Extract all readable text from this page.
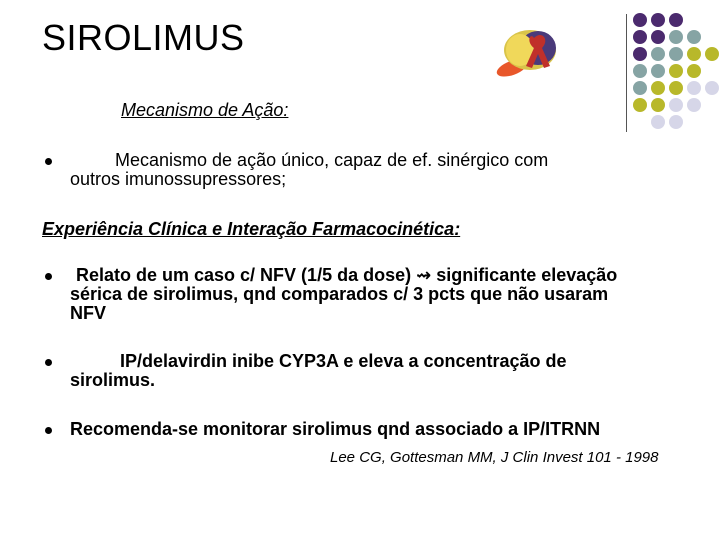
SIROLIMUS
Mecanismo de Ação:
Mecanismo de ação único, capaz de ef. sinérgico com
outros imunossupressores;
Experiência Clínica e Interação Farmacocinética:
Relato de um caso c/ NFV (1/5 da dose) ⇝ significante elevação
sérica de sirolimus, qnd comparados c/ 3 pcts que não usaram
NFV
IP/delavirdin inibe CYP3A e eleva a concentração de
sirolimus.
Recomenda-se monitorar sirolimus qnd associado a IP/ITRNN
Lee CG, Gottesman MM, J Clin Invest 101 - 1998
